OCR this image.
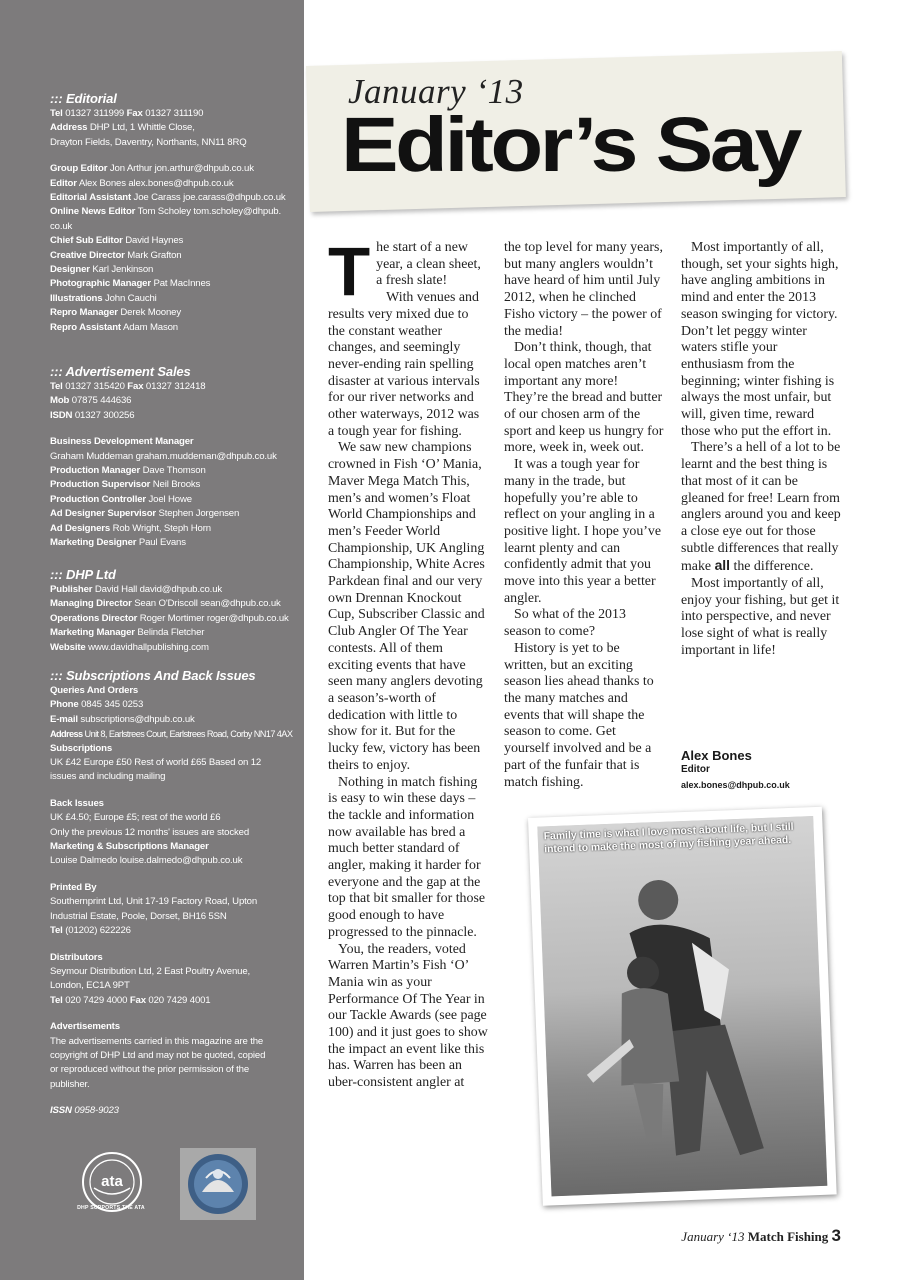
::: Editorial

Tel 01327 311999 Fax 01327 311190

Address DHP Ltd, 1 Whittle Close,

Drayton Fields, Daventry, Northants, NN11 8RQ

Group Editor Jon Arthur jon.arthur@dhpub.co.uk

Editor Alex Bones alex.bones@dhpub.co.uk

Editorial Assistant Joe Carass joe.carass@dhpub.co.uk

Online News Editor Tom Scholey tom.scholey@dhpub.

co.uk

Chief Sub Editor David Haynes

Creative Director Mark Grafton

Designer Karl Jenkinson

Photographic Manager Pat MacInnes

Illustrations John Cauchi

Repro Manager Derek Mooney

Repro Assistant Adam Mason

::: Advertisement Sales

Tel 01327 315420 Fax 01327 312418

Mob 07875 444636

ISDN 01327 300256

Business Development Manager

Graham Muddeman graham.muddeman@dhpub.co.uk

Production Manager Dave Thomson

Production Supervisor Neil Brooks

Production Controller Joel Howe

Ad Designer Supervisor Stephen Jorgensen

Ad Designers Rob Wright, Steph Horn

Marketing Designer Paul Evans

::: DHP Ltd

Publisher David Hall david@dhpub.co.uk

Managing Director Sean O'Driscoll sean@dhpub.co.uk

Operations Director Roger Mortimer roger@dhpub.co.uk

Marketing Manager Belinda Fletcher

Website www.davidhallpublishing.com

::: Subscriptions And Back Issues

Queries And Orders

Phone 0845 345 0253

E-mail subscriptions@dhpub.co.uk

Address Unit 8, Earlstrees Court, Earlstrees Road, Corby NN17 4AX

Subscriptions

UK £42 Europe £50 Rest of world £65 Based on 12

issues and including mailing

Back Issues

UK £4.50; Europe £5; rest of the world £6

Only the previous 12 months' issues are stocked

Marketing & Subscriptions Manager

Louise Dalmedo louise.dalmedo@dhpub.co.uk

Printed By

Southernprint Ltd, Unit 17-19 Factory Road, Upton

Industrial Estate, Poole, Dorset, BH16 5SN

Tel (01202) 622226

Distributors

Seymour Distribution Ltd, 2 East Poultry Avenue,

London, EC1A 9PT

Tel 020 7429 4000 Fax 020 7429 4001

Advertisements

The advertisements carried in this magazine are the

copyright of DHP Ltd and may not be quoted, copied

or reproduced without the prior permission of the

publisher.

ISSN 0958-9023

ata
DHP SUPPORTS THE ATA
January ‘13
Editor’s Say
T he start of a new year, a clean sheet, a fresh slate!

With venues and results very mixed due to the constant weather changes, and seemingly never-ending rain spelling disaster at various intervals for our river networks and other waterways, 2012 was a tough year for fishing.

We saw new champions crowned in Fish ‘O’ Mania, Maver Mega Match This, men’s and women’s Float World Championships and men’s Feeder World Championship, UK Angling Championship, White Acres Parkdean final and our very own Drennan Knockout Cup, Subscriber Classic and Club Angler Of The Year contests. All of them exciting events that have seen many anglers devoting a season’s-worth of dedication with little to show for it. But for the lucky few, victory has been theirs to enjoy.

Nothing in match fishing is easy to win these days – the tackle and information now available has bred a much better standard of angler, making it harder for everyone and the gap at the top that bit smaller for those good enough to have progressed to the pinnacle.

You, the readers, voted Warren Martin’s Fish ‘O’ Mania win as your Performance Of The Year in our Tackle Awards (see page 100) and it just goes to show the impact an event like this has. Warren has been an uber-consistent angler at

the top level for many years, but many anglers wouldn’t have heard of him until July 2012, when he clinched Fisho victory – the power of the media!

Don’t think, though, that local open matches aren’t important any more! They’re the bread and butter of our chosen arm of the sport and keep us hungry for more, week in, week out.

It was a tough year for many in the trade, but hopefully you’re able to reflect on your angling in a positive light. I hope you’ve learnt plenty and can confidently admit that you move into this year a better angler.

So what of the 2013 season to come?

History is yet to be written, but an exciting season lies ahead thanks to the many matches and events that will shape the season to come. Get yourself involved and be a part of the funfair that is match fishing.

Most importantly of all, though, set your sights high, have angling ambitions in mind and enter the 2013 season swinging for victory. Don’t let peggy winter waters stifle your enthusiasm from the beginning; winter fishing is always the most unfair, but will, given time, reward those who put the effort in.

There’s a hell of a lot to be learnt and the best thing is that most of it can be gleaned for free! Learn from anglers around you and keep a close eye out for those subtle differences that really make all the difference.

Most importantly of all, enjoy your fishing, but get it into perspective, and never lose sight of what is really important in life!

Alex Bones
Editor
alex.bones@dhpub.co.uk
Family time is what I love most about life, but I still intend to make the most of my fishing year ahead.
January ‘13 Match Fishing 3
